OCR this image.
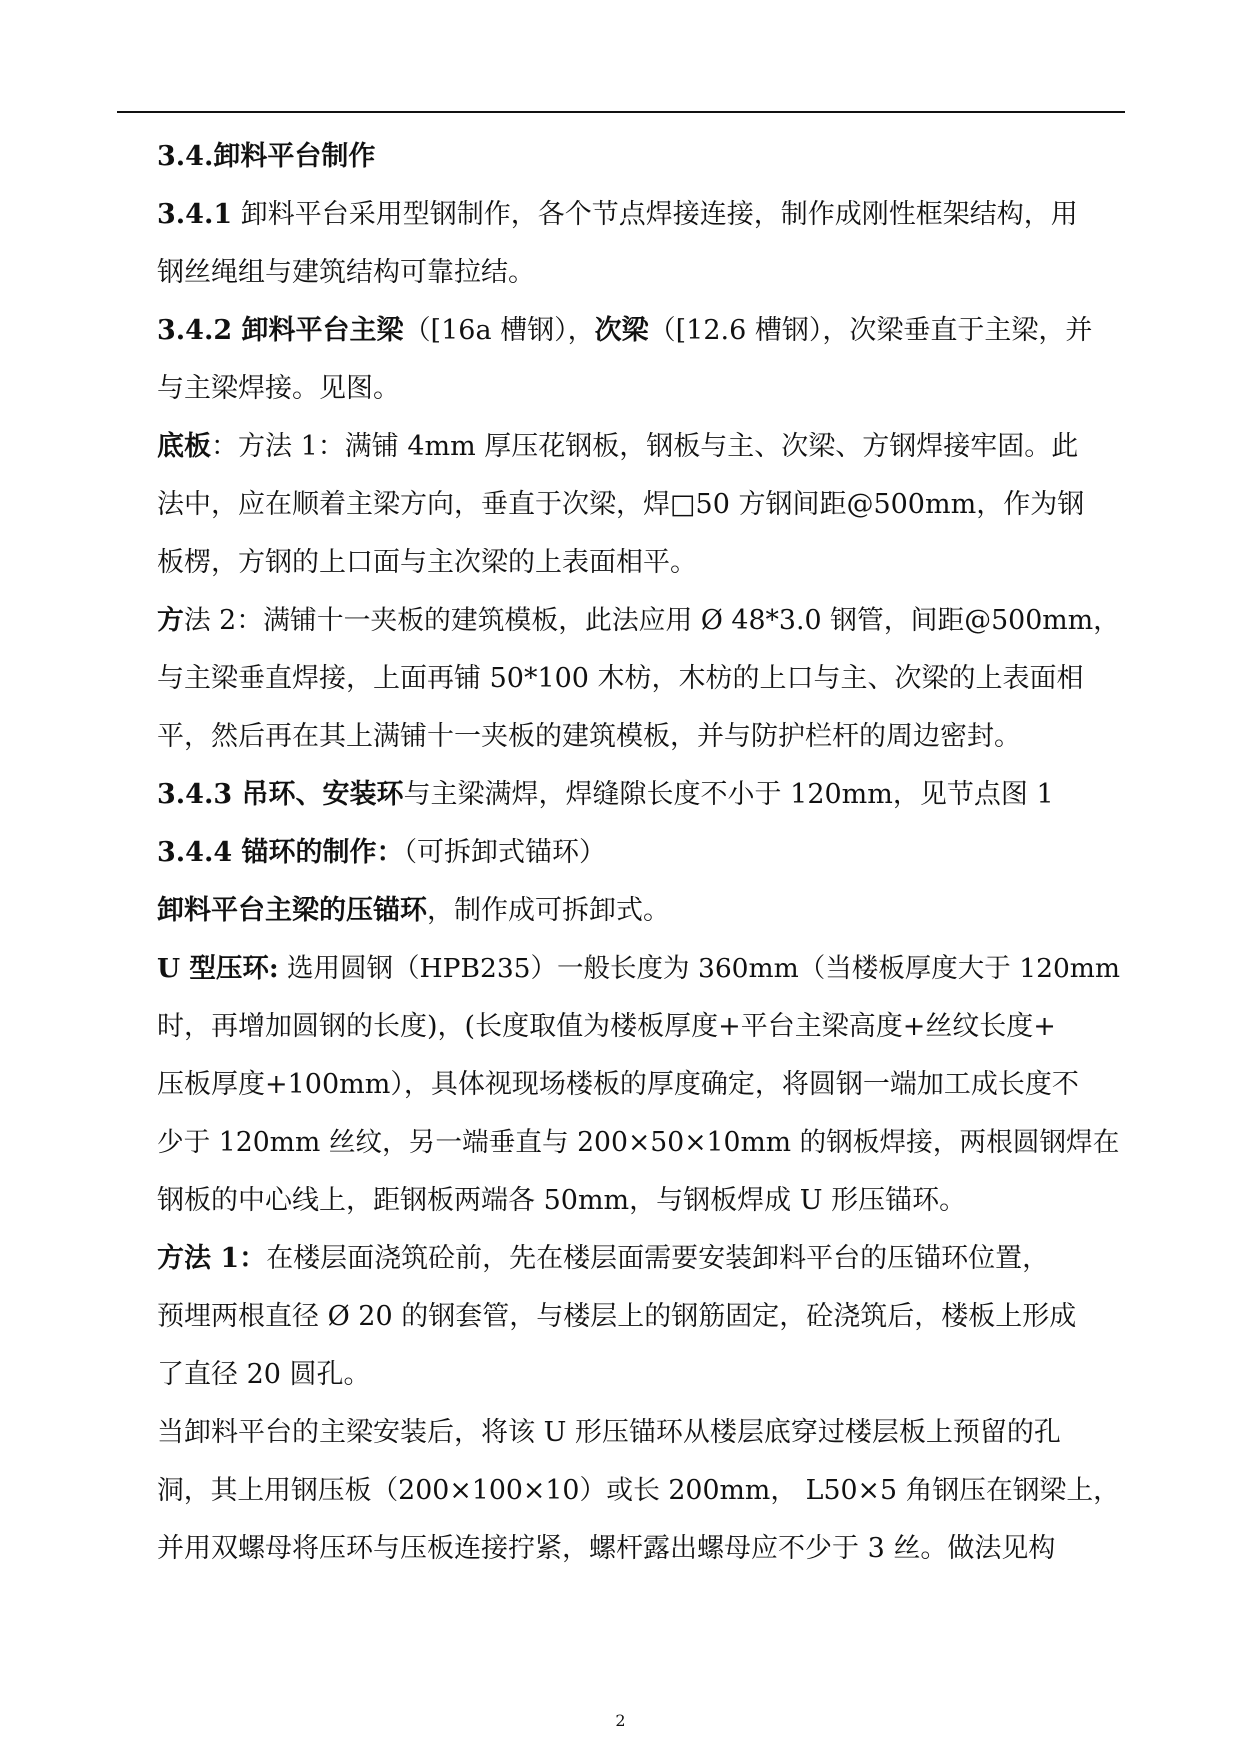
3.4.卸料平台制作
3.4.1 卸料平台采用型钢制作，各个节点焊接连接，制作成刚性框架结构，用
钢丝绳组与建筑结构可靠拉结。
3.4.2 卸料平台主梁（[16a 槽钢），次梁（[12.6 槽钢），次梁垂直于主梁，并
与主梁焊接。见图。
底板：方法 1：满铺 4mm 厚压花钢板，钢板与主、次梁、方钢焊接牢固。此
法中，应在顺着主梁方向，垂直于次梁，焊□50 方钢间距@500mm，作为钢
板楞，方钢的上口面与主次梁的上表面相平。
方法 2：满铺十一夹板的建筑模板，此法应用 Ø 48*3.0 钢管，间距@500mm，
与主梁垂直焊接，上面再铺 50*100 木枋，木枋的上口与主、次梁的上表面相
平，然后再在其上满铺十一夹板的建筑模板，并与防护栏杆的周边密封。
3.4.3 吊环、安装环与主梁满焊，焊缝隙长度不小于 120mm，见节点图 1
3.4.4 锚环的制作：（可拆卸式锚环）
卸料平台主梁的压锚环，制作成可拆卸式。
U 型压环: 选用圆钢（HPB235）一般长度为 360mm（当楼板厚度大于 120mm
时，再增加圆钢的长度)，(长度取值为楼板厚度+平台主梁高度+丝纹长度+
压板厚度+100mm），具体视现场楼板的厚度确定，将圆钢一端加工成长度不
少于 120mm 丝纹，另一端垂直与 200×50×10mm 的钢板焊接，两根圆钢焊在
钢板的中心线上，距钢板两端各 50mm，与钢板焊成 U 形压锚环。
方法 1：在楼层面浇筑砼前，先在楼层面需要安装卸料平台的压锚环位置，
预埋两根直径 Ø 20 的钢套管，与楼层上的钢筋固定，砼浇筑后，楼板上形成
了直径 20 圆孔。
当卸料平台的主梁安装后，将该 U 形压锚环从楼层底穿过楼层板上预留的孔
洞，其上用钢压板（200×100×10）或长 200mm， L50×5 角钢压在钢梁上，
并用双螺母将压环与压板连接拧紧，螺杆露出螺母应不少于 3 丝。做法见构
2
